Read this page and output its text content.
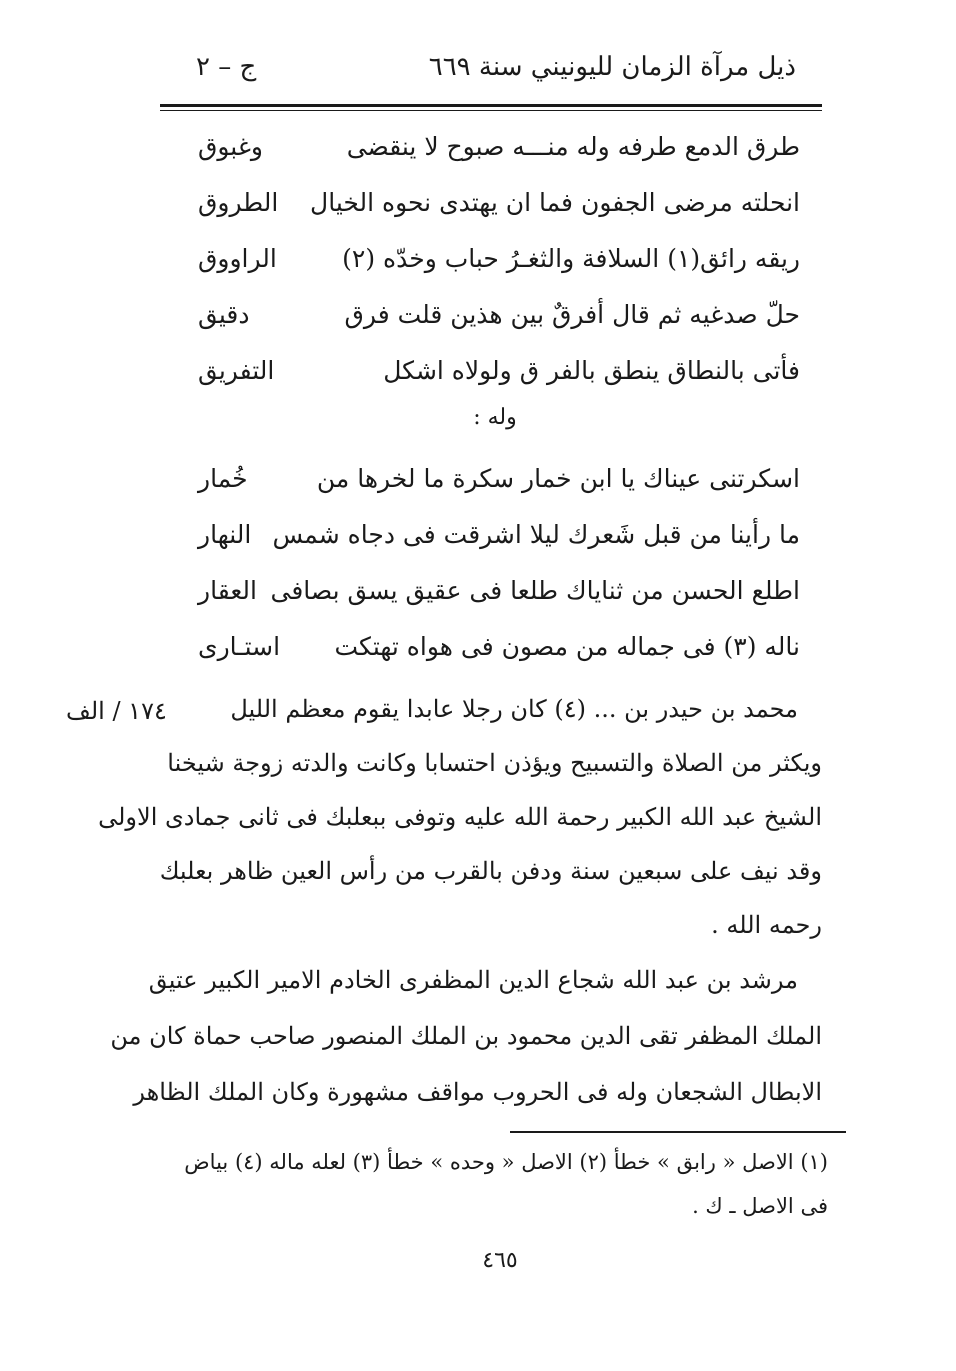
ذيل مرآة الزمان لليونيني سنة ٦٦٩
ج – ٢
طرق الدمع طرفه وله منـــه صبوح لا ينقضى
وغبوق
انحلته مرضى الجفون فما ان يهتدى نحوه الخيال
الطروق
ريقه رائق(١) السلافة والثغـرُ حباب وخدّه (٢)
الراووق
حلّ صدغيه ثم قال أفرقٌ بين هذين قلت فرق
دقيق
فأتى بالنطاق ينطق بالفر ق ولولاه اشكل
التفريق
وله :
اسكرتنى عيناك يا ابن خمار سكرة ما لخرها من
خُمار
ما رأينا من قبل شَعرك ليلا اشرقت فى دجاه شمس
النهار
اطلع الحسن من ثناياك طلعا فى عقيق يسق بصافى
العقار
ناله (٣) فى جماله من مصون فى هواه تهتكت
استـارى
١٧٤ / الف	محمد بن حيدر بن ... (٤) كان رجلا عابدا يقوم معظم الليل
ويكثر من الصلاة والتسبيح ويؤذن احتسابا وكانت والدته زوجة شيخنا
الشيخ عبد الله الكبير رحمة الله عليه وتوفى ببعلبك فى ثانى جمادى الاولى
وقد نيف على سبعين سنة ودفن بالقرب من رأس العين ظاهر بعلبك
رحمه الله .
مرشد بن عبد الله شجاع الدين المظفرى الخادم الامير الكبير عتيق
الملك المظفر تقى الدين محمود بن الملك المنصور صاحب حماة كان من
الابطال الشجعان وله فى الحروب مواقف مشهورة وكان الملك الظاهر
(١) الاصل « رابق » خطأ (٢) الاصل « وحده » خطأ (٣) لعله ماله (٤) بياض
فى الاصل ـ ك .
٤٦٥
